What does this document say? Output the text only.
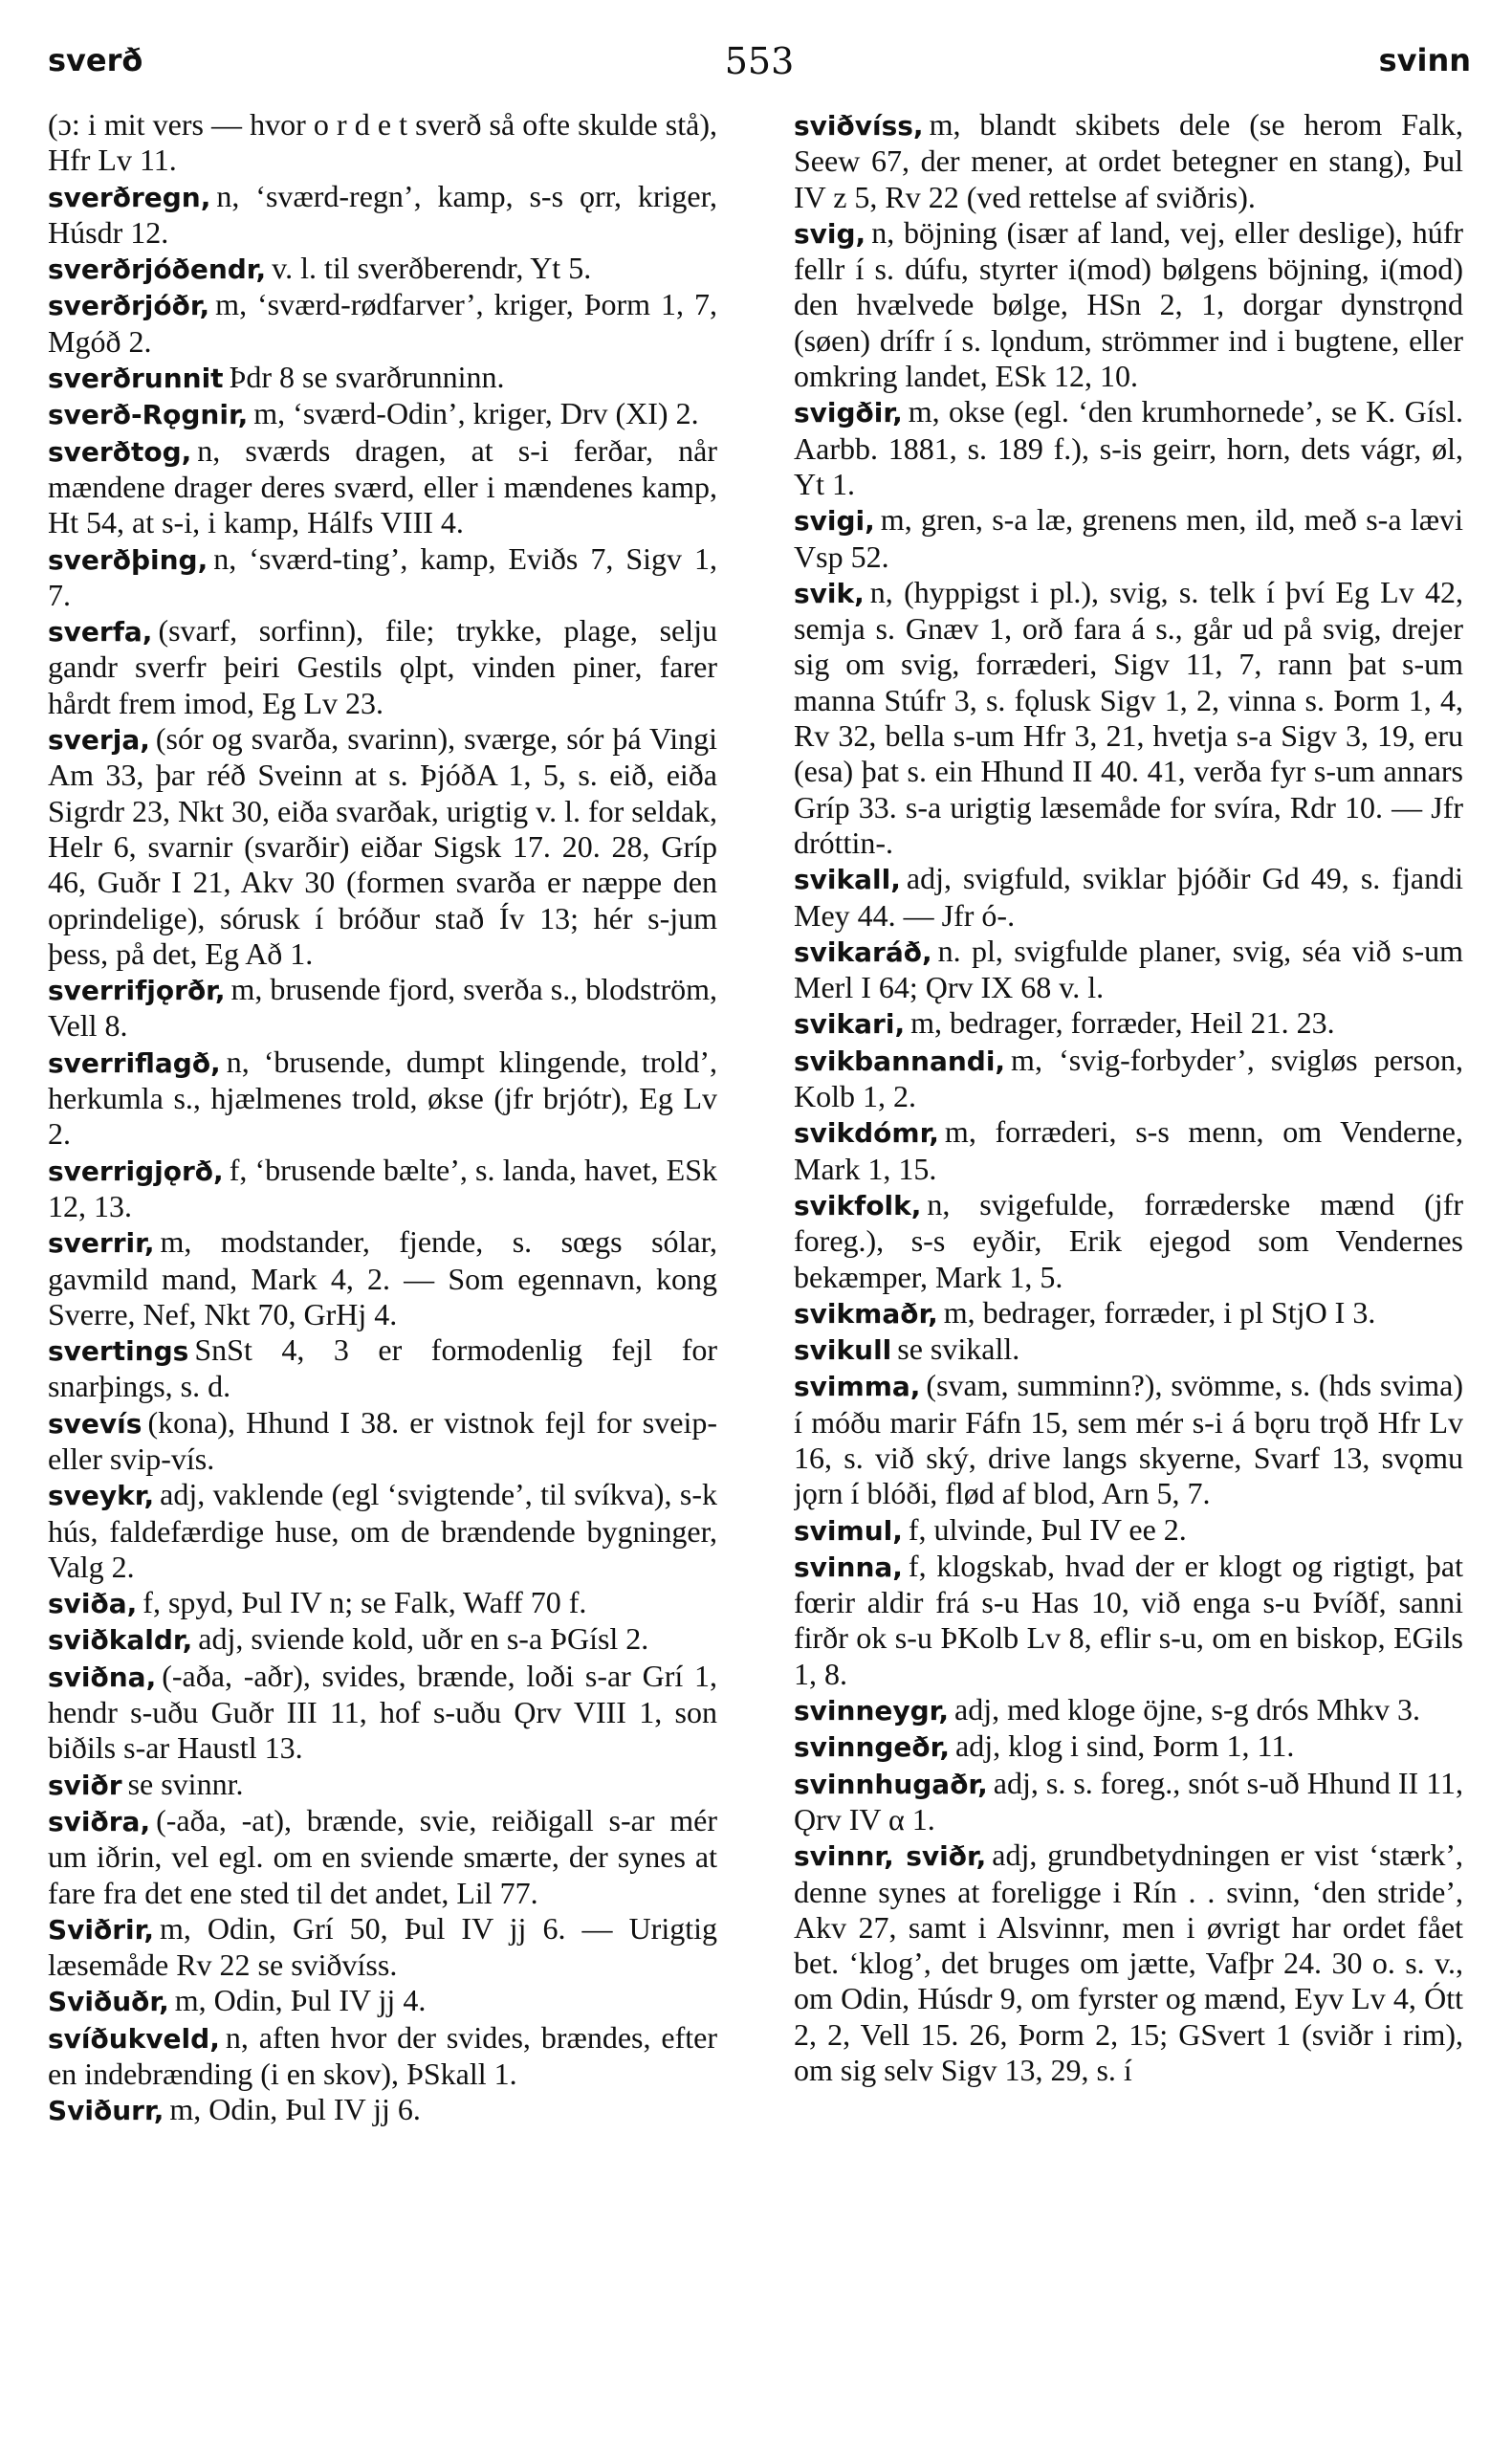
sverð	553	svinn

(ɔ: i mit vers — hvor o r d e t sverð så ofte skulde stå), Hfr Lv 11.

sverðregn, n, ‘sværd-regn’, kamp, s-s ǫrr, kriger, Húsdr 12.

sverðrjóðendr, v. l. til sverðberendr, Yt 5.

sverðrjóðr, m, ‘sværd-rødfarver’, kriger, Þorm 1, 7, Mgóð 2.

sverðrunnit Þdr 8 se svarðrunninn.

sverð-Rǫgnir, m, ‘sværd-Odin’, kriger, Drv (XI) 2.

sverðtog, n, sværds dragen, at s-i ferðar, når mændene drager deres sværd, eller i mændenes kamp, Ht 54, at s-i, i kamp, Hálfs VIII 4.

sverðþing, n, ‘sværd-ting’, kamp, Eviðs 7, Sigv 1, 7.

sverfa, (svarf, sorfinn), file; trykke, plage, selju gandr sverfr þeiri Gestils ǫlpt, vinden piner, farer hårdt frem imod, Eg Lv 23.

sverja, (sór og svarða, svarinn), sværge, sór þá Vingi Am 33, þar réð Sveinn at s. ÞjóðA 1, 5, s. eið, eiða Sigrdr 23, Nkt 30, eiða svarðak, urigtig v. l. for seldak, Helr 6, svarnir (svarðir) eiðar Sigsk 17. 20. 28, Gríp 46, Guðr I 21, Akv 30 (formen svarða er næppe den oprindelige), sórusk í bróður stað Ív 13; hér s-jum þess, på det, Eg Að 1.

sverrifjǫrðr, m, brusende fjord, sverða s., blodström, Vell 8.

sverriflagð, n, ‘brusende, dumpt klingende, trold’, herkumla s., hjælmenes trold, økse (jfr brjótr), Eg Lv 2.

sverrigjǫrð, f, ‘brusende bælte’, s. landa, havet, ESk 12, 13.

sverrir, m, modstander, fjende, s. sœgs sólar, gavmild mand, Mark 4, 2. — Som egennavn, kong Sverre, Nef, Nkt 70, GrHj 4.

svertings SnSt 4, 3 er formodenlig fejl for snarþings, s. d.

svevís (kona), Hhund I 38. er vistnok fejl for sveip- eller svip-vís.

sveykr, adj, vaklende (egl ‘svigtende’, til svíkva), s-k hús, faldefærdige huse, om de brændende bygninger, Valg 2.

sviða, f, spyd, Þul IV n; se Falk, Waff 70 f.

sviðkaldr, adj, sviende kold, uðr en s-a ÞGísl 2.

sviðna, (-aða, -aðr), svides, brænde, loði s-ar Grí 1, hendr s-uðu Guðr III 11, hof s-uðu Ǫrv VIII 1, son biðils s-ar Haustl 13.

sviðr se svinnr.

sviðra, (-aða, -at), brænde, svie, reiðigall s-ar mér um iðrin, vel egl. om en sviende smærte, der synes at fare fra det ene sted til det andet, Lil 77.

Sviðrir, m, Odin, Grí 50, Þul IV jj 6. — Urigtig læsemåde Rv 22 se sviðvíss.

Sviðuðr, m, Odin, Þul IV jj 4.

svíðukveld, n, aften hvor der svides, brændes, efter en indebrænding (i en skov), ÞSkall 1.

Sviðurr, m, Odin, Þul IV jj 6.

sviðvíss, m, blandt skibets dele (se herom Falk, Seew 67, der mener, at ordet betegner en stang), Þul IV z 5, Rv 22 (ved rettelse af sviðris).

svig, n, böjning (især af land, vej, eller deslige), húfr fellr í s. dúfu, styrter i(mod) bølgens böjning, i(mod) den hvælvede bølge, HSn 2, 1, dorgar dynstrǫnd (søen) drífr í s. lǫndum, strömmer ind i bugtene, eller omkring landet, ESk 12, 10.

svigðir, m, okse (egl. ‘den krumhornede’, se K. Gísl. Aarbb. 1881, s. 189 f.), s-is geirr, horn, dets vágr, øl, Yt 1.

svigi, m, gren, s-a læ, grenens men, ild, með s-a lævi Vsp 52.

svik, n, (hyppigst i pl.), svig, s. telk í því Eg Lv 42, semja s. Gnæv 1, orð fara á s., går ud på svig, drejer sig om svig, forræderi, Sigv 11, 7, rann þat s-um manna Stúfr 3, s. fǫlusk Sigv 1, 2, vinna s. Þorm 1, 4, Rv 32, bella s-um Hfr 3, 21, hvetja s-a Sigv 3, 19, eru (esa) þat s. ein Hhund II 40. 41, verða fyr s-um annars Gríp 33. s-a urigtig læsemåde for svíra, Rdr 10. — Jfr dróttin-.

svikall, adj, svigfuld, sviklar þjóðir Gd 49, s. fjandi Mey 44. — Jfr ó-.

svikaráð, n. pl, svigfulde planer, svig, séa við s-um Merl I 64; Ǫrv IX 68 v. l.

svikari, m, bedrager, forræder, Heil 21. 23.

svikbannandi, m, ‘svig-forbyder’, svigløs person, Kolb 1, 2.

svikdómr, m, forræderi, s-s menn, om Venderne, Mark 1, 15.

svikfolk, n, svigefulde, forræderske mænd (jfr foreg.), s-s eyðir, Erik ejegod som Vendernes bekæmper, Mark 1, 5.

svikmaðr, m, bedrager, forræder, i pl StjO I 3.

svikull se svikall.

svimma, (svam, summinn?), svömme, s. (hds svima) í móðu marir Fáfn 15, sem mér s-i á bǫru trǫð Hfr Lv 16, s. við ský, drive langs skyerne, Svarf 13, svǫmu jǫrn í blóði, flød af blod, Arn 5, 7.

svimul, f, ulvinde, Þul IV ee 2.

svinna, f, klogskab, hvad der er klogt og rigtigt, þat fœrir aldir frá s-u Has 10, við enga s-u Þvíðf, sanni firðr ok s-u ÞKolb Lv 8, eflir s-u, om en biskop, EGils 1, 8.

svinneygr, adj, med kloge öjne, s-g drós Mhkv 3.

svinngeðr, adj, klog i sind, Þorm 1, 11.

svinnhugaðr, adj, s. s. foreg., snót s-uð Hhund II 11, Ǫrv IV α 1.

svinnr, sviðr, adj, grundbetydningen er vist ‘stærk’, denne synes at foreligge i Rín . . svinn, ‘den stride’, Akv 27, samt i Alsvinnr, men i øvrigt har ordet fået bet. ‘klog’, det bruges om jætte, Vafþr 24. 30 o. s. v., om Odin, Húsdr 9, om fyrster og mænd, Eyv Lv 4, Ótt 2, 2, Vell 15. 26, Þorm 2, 15; GSvert 1 (sviðr i rim), om sig selv Sigv 13, 29, s. í
